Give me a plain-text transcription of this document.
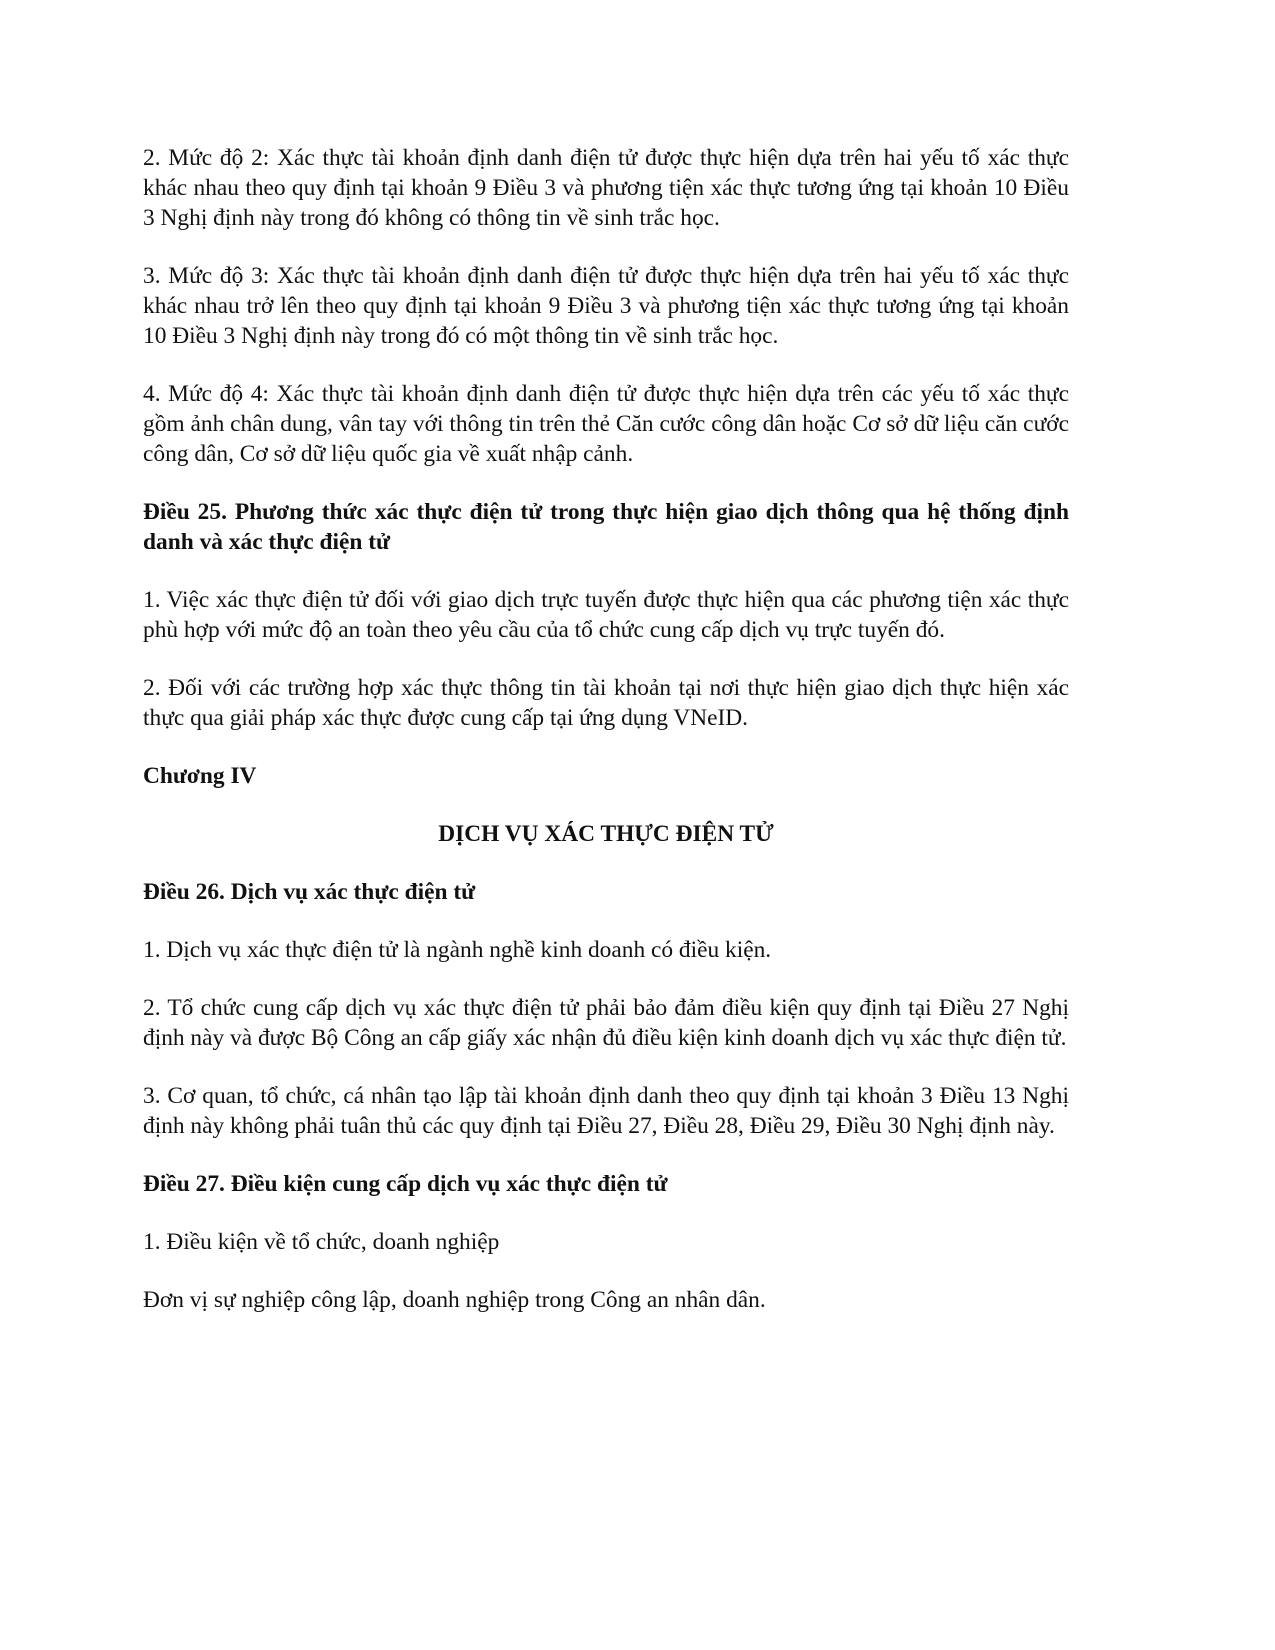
2. Mức độ 2: Xác thực tài khoản định danh điện tử được thực hiện dựa trên hai yếu tố xác thực khác nhau theo quy định tại khoản 9 Điều 3 và phương tiện xác thực tương ứng tại khoản 10 Điều 3 Nghị định này trong đó không có thông tin về sinh trắc học.

3. Mức độ 3: Xác thực tài khoản định danh điện tử được thực hiện dựa trên hai yếu tố xác thực khác nhau trở lên theo quy định tại khoản 9 Điều 3 và phương tiện xác thực tương ứng tại khoản 10 Điều 3 Nghị định này trong đó có một thông tin về sinh trắc học.

4. Mức độ 4: Xác thực tài khoản định danh điện tử được thực hiện dựa trên các yếu tố xác thực gồm ảnh chân dung, vân tay với thông tin trên thẻ Căn cước công dân hoặc Cơ sở dữ liệu căn cước công dân, Cơ sở dữ liệu quốc gia về xuất nhập cảnh.

Điều 25. Phương thức xác thực điện tử trong thực hiện giao dịch thông qua hệ thống định danh và xác thực điện tử

1. Việc xác thực điện tử đối với giao dịch trực tuyến được thực hiện qua các phương tiện xác thực phù hợp với mức độ an toàn theo yêu cầu của tổ chức cung cấp dịch vụ trực tuyến đó.

2. Đối với các trường hợp xác thực thông tin tài khoản tại nơi thực hiện giao dịch thực hiện xác thực qua giải pháp xác thực được cung cấp tại ứng dụng VNeID.

Chương IV

DỊCH VỤ XÁC THỰC ĐIỆN TỬ

Điều 26. Dịch vụ xác thực điện tử

1. Dịch vụ xác thực điện tử là ngành nghề kinh doanh có điều kiện.

2. Tổ chức cung cấp dịch vụ xác thực điện tử phải bảo đảm điều kiện quy định tại Điều 27 Nghị định này và được Bộ Công an cấp giấy xác nhận đủ điều kiện kinh doanh dịch vụ xác thực điện tử.

3. Cơ quan, tổ chức, cá nhân tạo lập tài khoản định danh theo quy định tại khoản 3 Điều 13 Nghị định này không phải tuân thủ các quy định tại Điều 27, Điều 28, Điều 29, Điều 30 Nghị định này.

Điều 27. Điều kiện cung cấp dịch vụ xác thực điện tử

1. Điều kiện về tổ chức, doanh nghiệp

Đơn vị sự nghiệp công lập, doanh nghiệp trong Công an nhân dân.
